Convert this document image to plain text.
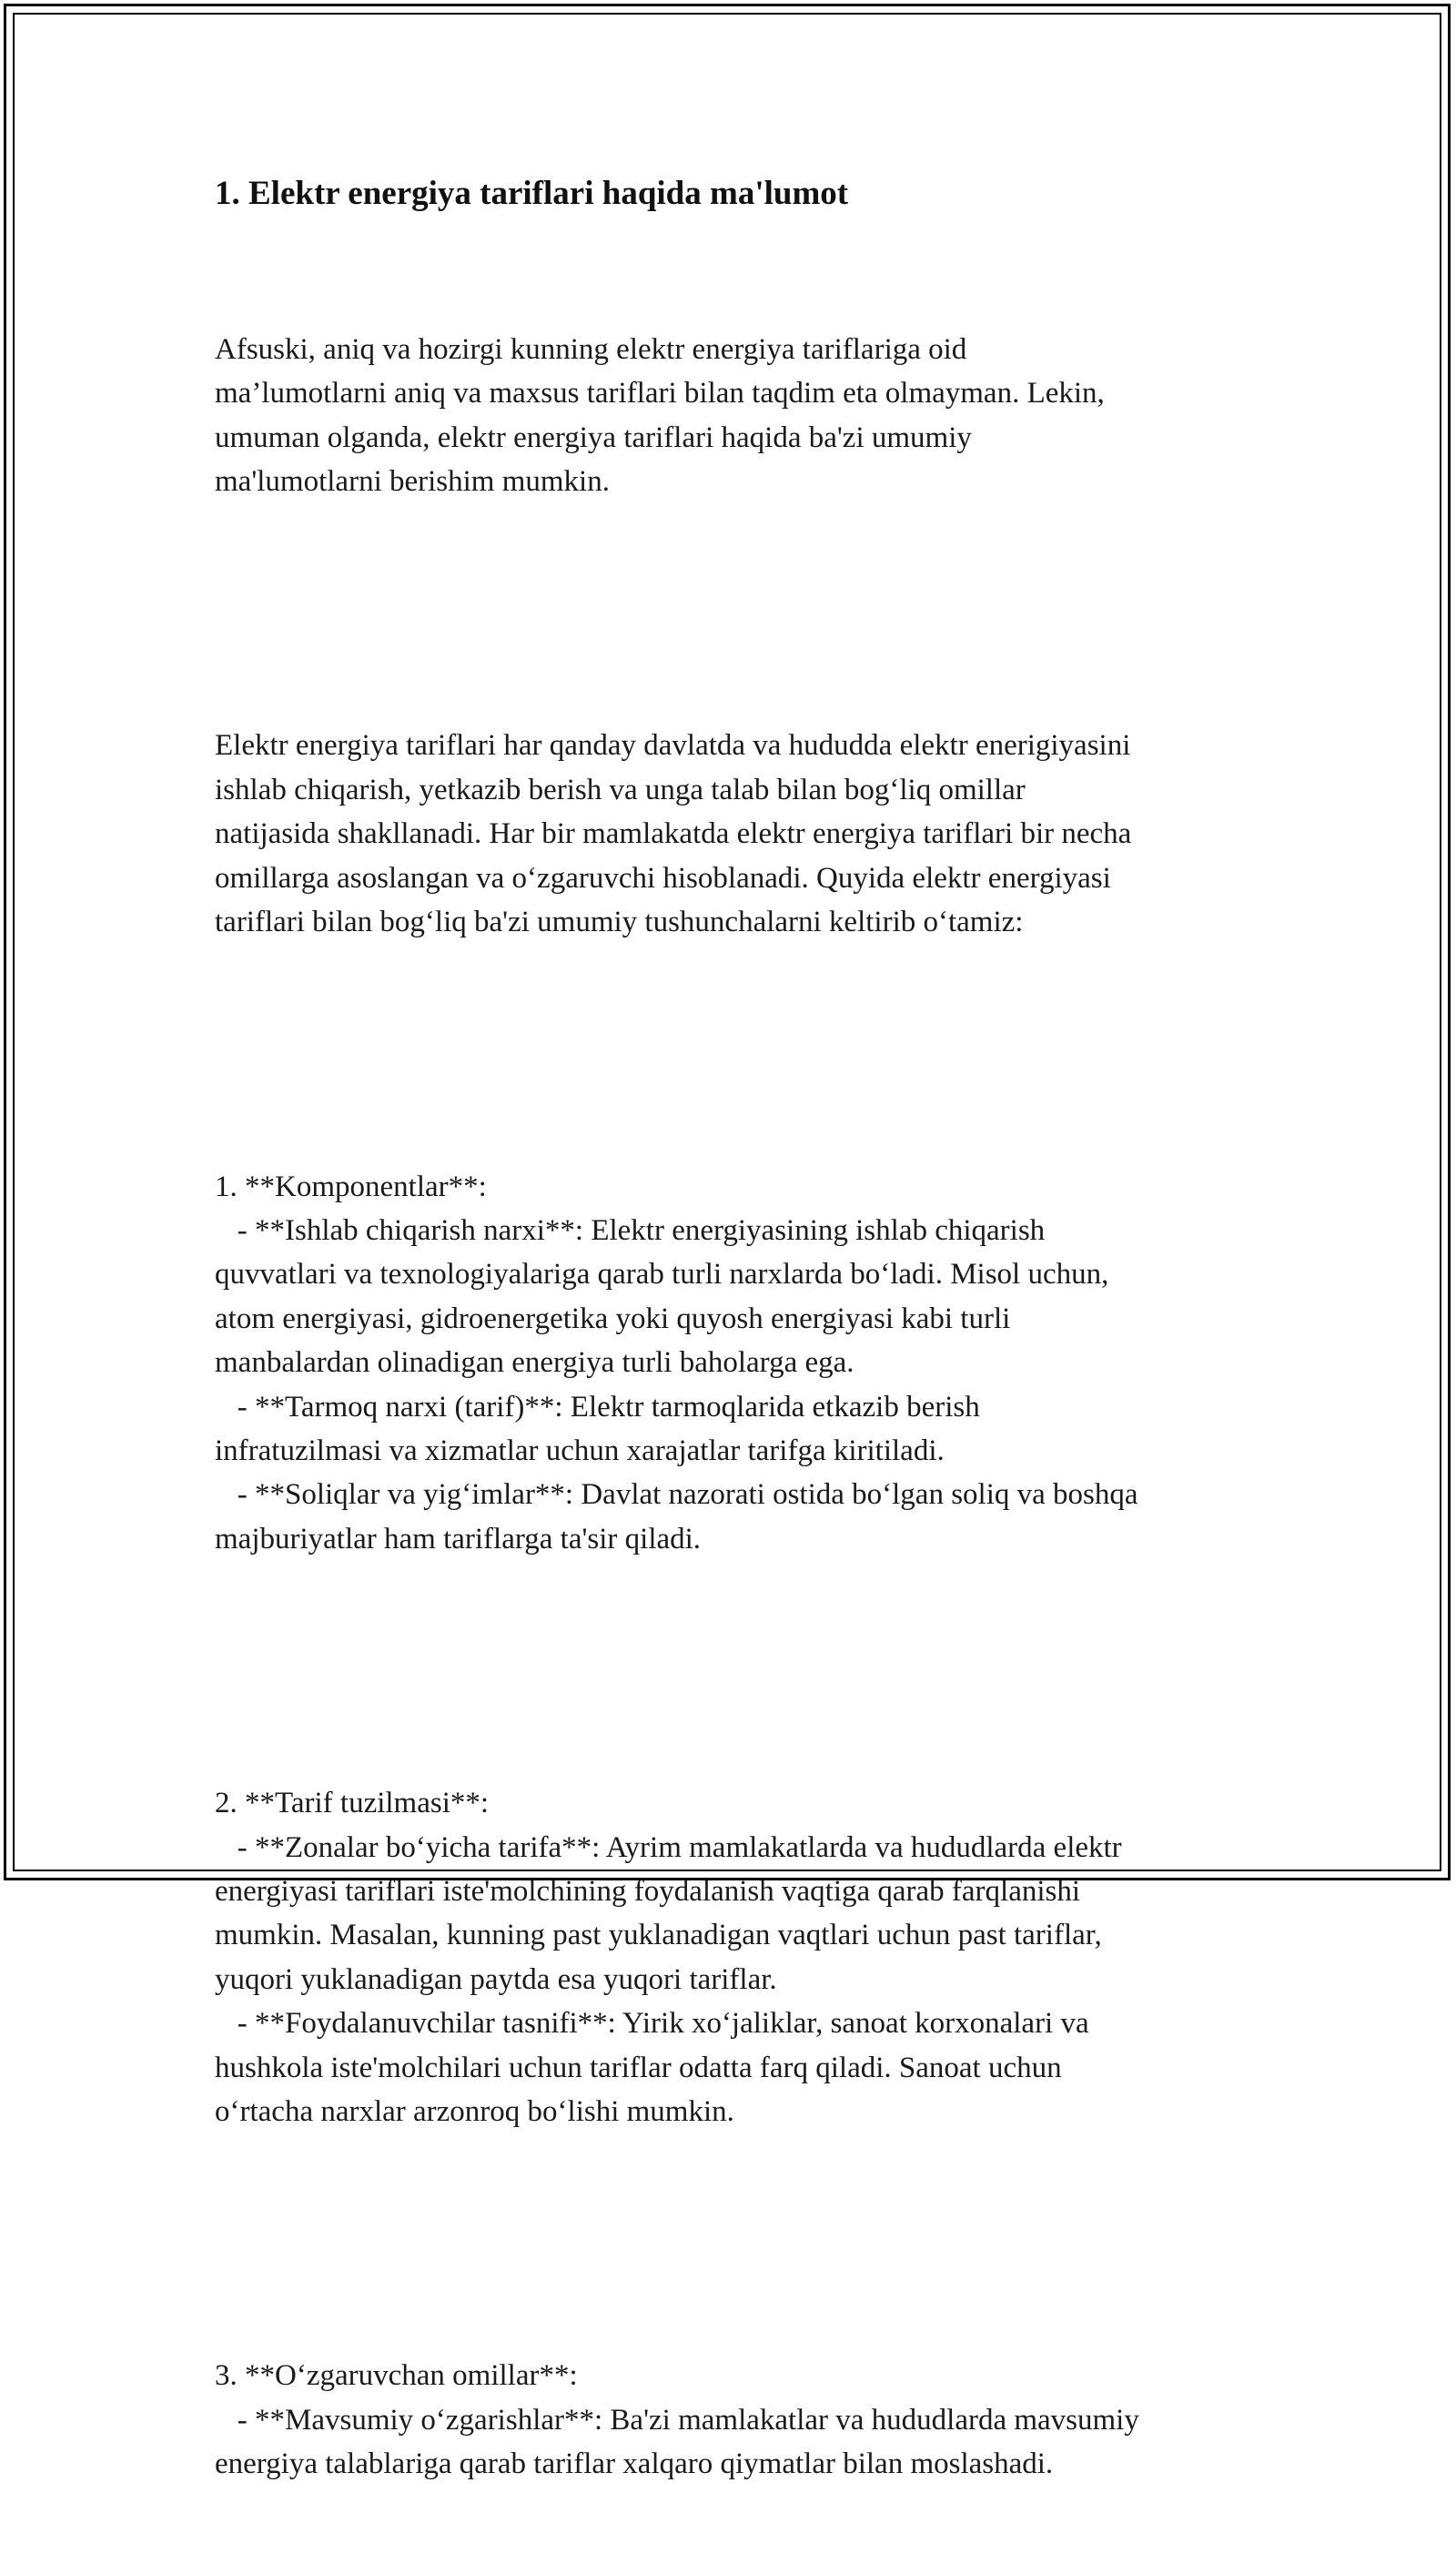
1. Elektr energiya tariflari haqida ma'lumot

Afsuski, aniq va hozirgi kunning elektr energiya tariflariga oid
ma’lumotlarni aniq va maxsus tariflari bilan taqdim eta olmayman. Lekin,
umuman olganda, elektr energiya tariflari haqida ba'zi umumiy
ma'lumotlarni berishim mumkin.

Elektr energiya tariflari har qanday davlatda va hududda elektr enerigiyasini
ishlab chiqarish, yetkazib berish va unga talab bilan bog‘liq omillar
natijasida shakllanadi. Har bir mamlakatda elektr energiya tariflari bir necha
omillarga asoslangan va o‘zgaruvchi hisoblanadi. Quyida elektr energiyasi
tariflari bilan bog‘liq ba'zi umumiy tushunchalarni keltirib o‘tamiz:

1. **Komponentlar**:
- **Ishlab chiqarish narxi**: Elektr energiyasining ishlab chiqarish
quvvatlari va texnologiyalariga qarab turli narxlarda bo‘ladi. Misol uchun,
atom energiyasi, gidroenergetika yoki quyosh energiyasi kabi turli
manbalardan olinadigan energiya turli baholarga ega.
- **Tarmoq narxi (tarif)**: Elektr tarmoqlarida etkazib berish
infratuzilmasi va xizmatlar uchun xarajatlar tarifga kiritiladi.
- **Soliqlar va yig‘imlar**: Davlat nazorati ostida bo‘lgan soliq va boshqa
majburiyatlar ham tariflarga ta'sir qiladi.

2. **Tarif tuzilmasi**:
- **Zonalar bo‘yicha tarifa**: Ayrim mamlakatlarda va hududlarda elektr
energiyasi tariflari iste'molchining foydalanish vaqtiga qarab farqlanishi
mumkin. Masalan, kunning past yuklanadigan vaqtlari uchun past tariflar,
yuqori yuklanadigan paytda esa yuqori tariflar.
- **Foydalanuvchilar tasnifi**: Yirik xo‘jaliklar, sanoat korxonalari va
hushkola iste'molchilari uchun tariflar odatta farq qiladi. Sanoat uchun
o‘rtacha narxlar arzonroq bo‘lishi mumkin.

3. **O‘zgaruvchan omillar**:
- **Mavsumiy o‘zgarishlar**: Ba'zi mamlakatlar va hududlarda mavsumiy
energiya talablariga qarab tariflar xalqaro qiymatlar bilan moslashadi.
